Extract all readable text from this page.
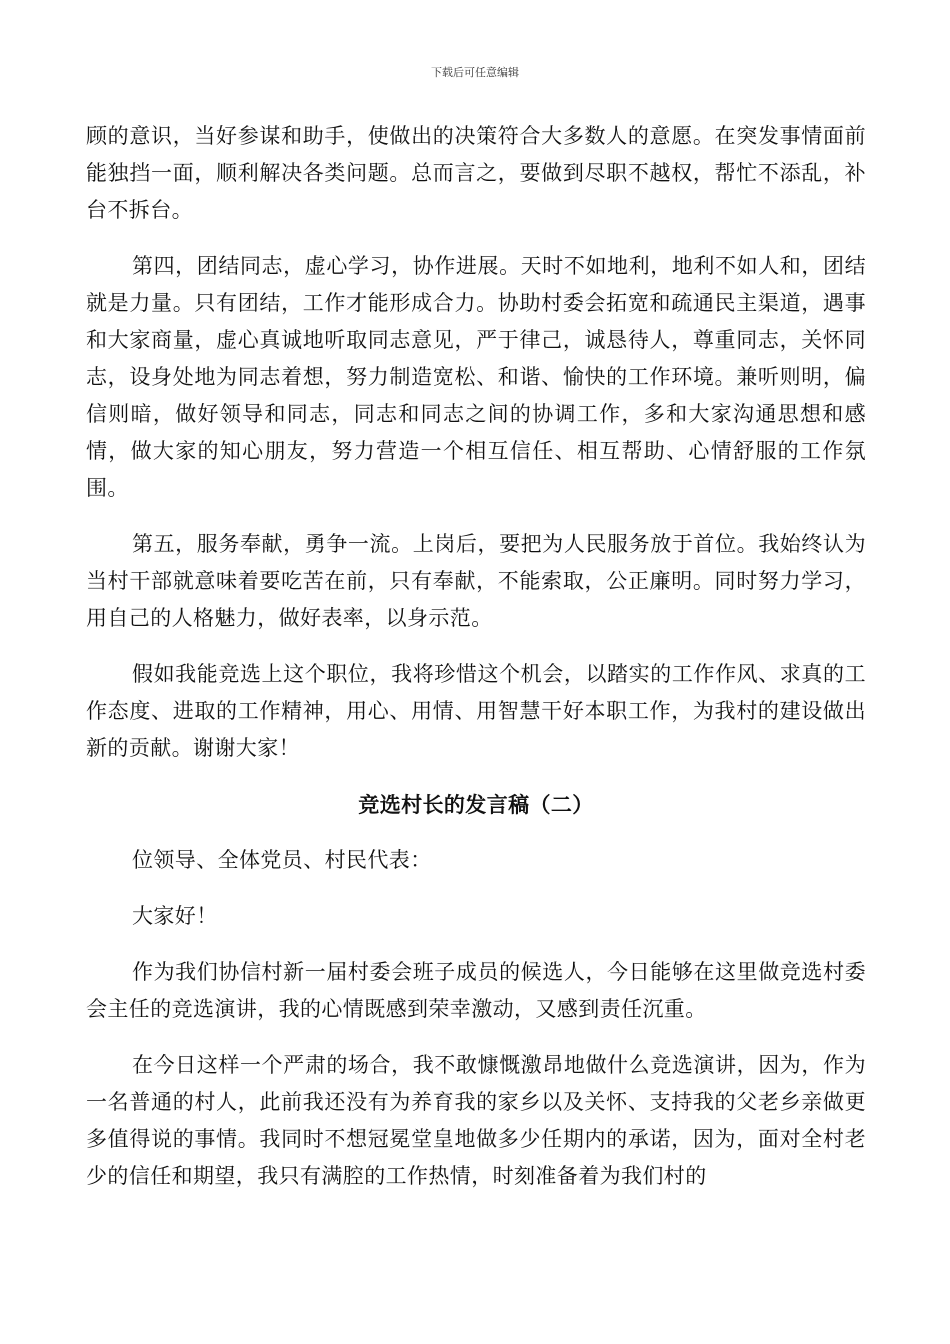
下载后可任意编辑

顾的意识，当好参谋和助手，使做出的决策符合大多数人的意愿。在突发事情面前能独挡一面，顺利解决各类问题。总而言之，要做到尽职不越权，帮忙不添乱，补台不拆台。

第四，团结同志，虚心学习，协作进展。天时不如地利，地利不如人和，团结就是力量。只有团结，工作才能形成合力。协助村委会拓宽和疏通民主渠道，遇事和大家商量，虚心真诚地听取同志意见，严于律己，诚恳待人，尊重同志，关怀同志，设身处地为同志着想，努力制造宽松、和谐、愉快的工作环境。兼听则明，偏信则暗，做好领导和同志，同志和同志之间的协调工作，多和大家沟通思想和感情，做大家的知心朋友，努力营造一个相互信任、相互帮助、心情舒服的工作氛围。

第五，服务奉献，勇争一流。上岗后，要把为人民服务放于首位。我始终认为当村干部就意味着要吃苦在前，只有奉献，不能索取，公正廉明。同时努力学习，用自己的人格魅力，做好表率，以身示范。

假如我能竞选上这个职位，我将珍惜这个机会，以踏实的工作作风、求真的工作态度、进取的工作精神，用心、用情、用智慧干好本职工作，为我村的建设做出新的贡献。谢谢大家！

竞选村长的发言稿（二）

位领导、全体党员、村民代表：

大家好！

作为我们协信村新一届村委会班子成员的候选人，今日能够在这里做竞选村委会主任的竞选演讲，我的心情既感到荣幸激动，又感到责任沉重。

在今日这样一个严肃的场合，我不敢慷慨激昂地做什么竞选演讲，因为，作为一名普通的村人，此前我还没有为养育我的家乡以及关怀、支持我的父老乡亲做更多值得说的事情。我同时不想冠冕堂皇地做多少任期内的承诺，因为，面对全村老少的信任和期望，我只有满腔的工作热情，时刻准备着为我们村的
